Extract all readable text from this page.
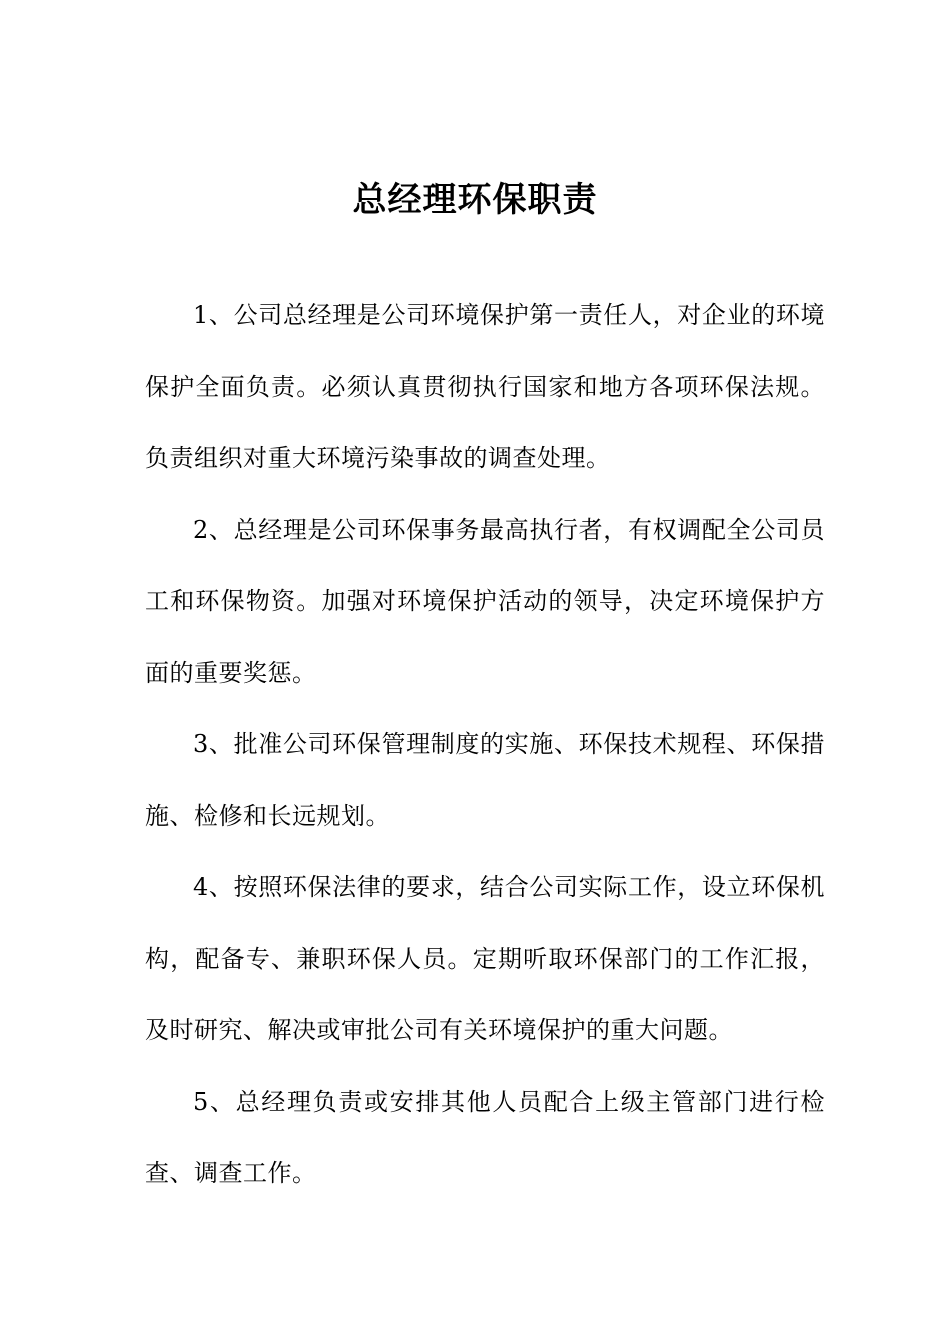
总经理环保职责

1、公司总经理是公司环境保护第一责任人，对企业的环境保护全面负责。必须认真贯彻执行国家和地方各项环保法规。负责组织对重大环境污染事故的调查处理。

2、总经理是公司环保事务最高执行者，有权调配全公司员工和环保物资。加强对环境保护活动的领导，决定环境保护方面的重要奖惩。

3、批准公司环保管理制度的实施、环保技术规程、环保措施、检修和长远规划。

4、按照环保法律的要求，结合公司实际工作，设立环保机构，配备专、兼职环保人员。定期听取环保部门的工作汇报，及时研究、解决或审批公司有关环境保护的重大问题。

5、总经理负责或安排其他人员配合上级主管部门进行检查、调查工作。
